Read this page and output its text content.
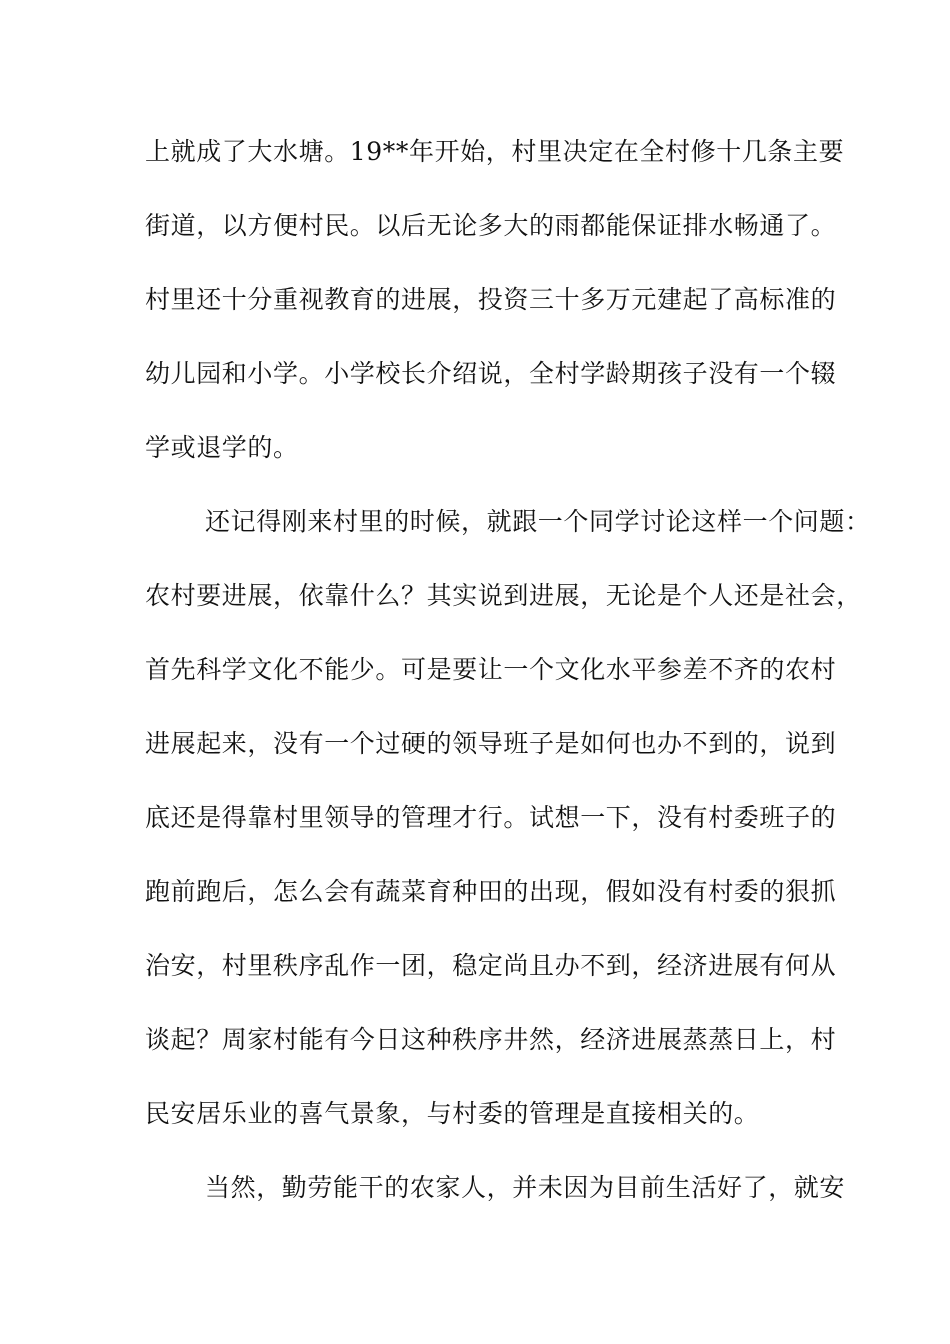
上就成了大水塘。19**年开始，村里决定在全村修十几条主要
街道，以方便村民。以后无论多大的雨都能保证排水畅通了。
村里还十分重视教育的进展，投资三十多万元建起了高标准的
幼儿园和小学。小学校长介绍说，全村学龄期孩子没有一个辍
学或退学的。
还记得刚来村里的时候，就跟一个同学讨论这样一个问题：
农村要进展，依靠什么？其实说到进展，无论是个人还是社会，
首先科学文化不能少。可是要让一个文化水平参差不齐的农村
进展起来，没有一个过硬的领导班子是如何也办不到的，说到
底还是得靠村里领导的管理才行。试想一下，没有村委班子的
跑前跑后，怎么会有蔬菜育种田的出现，假如没有村委的狠抓
治安，村里秩序乱作一团，稳定尚且办不到，经济进展有何从
谈起？周家村能有今日这种秩序井然，经济进展蒸蒸日上，村
民安居乐业的喜气景象，与村委的管理是直接相关的。
当然，勤劳能干的农家人，并未因为目前生活好了，就安
